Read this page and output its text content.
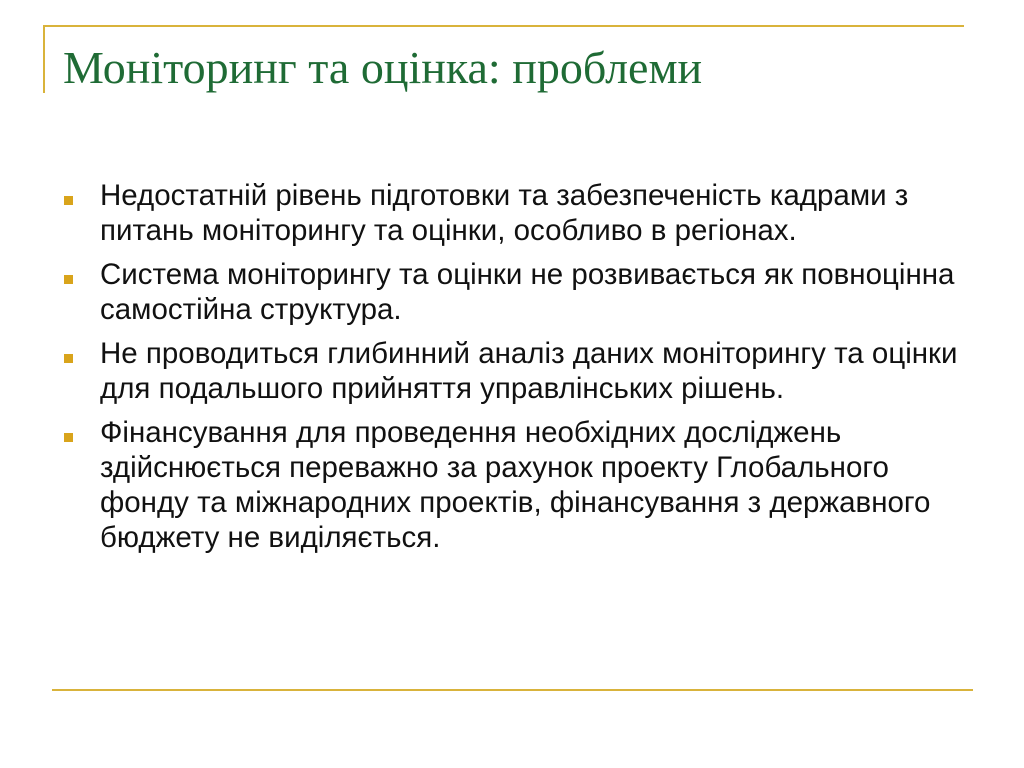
Моніторинг та оцінка: проблеми
Недостатній рівень підготовки та забезпеченість кадрами з питань моніторингу та оцінки, особливо в регіонах.
Система моніторингу та оцінки не розвивається як повноцінна самостійна структура.
Не проводиться глибинний аналіз даних моніторингу та оцінки для подальшого прийняття управлінських рішень.
Фінансування для проведення необхідних досліджень здійснюється переважно за рахунок проекту Глобального фонду та міжнародних проектів, фінансування з державного бюджету не виділяється.
